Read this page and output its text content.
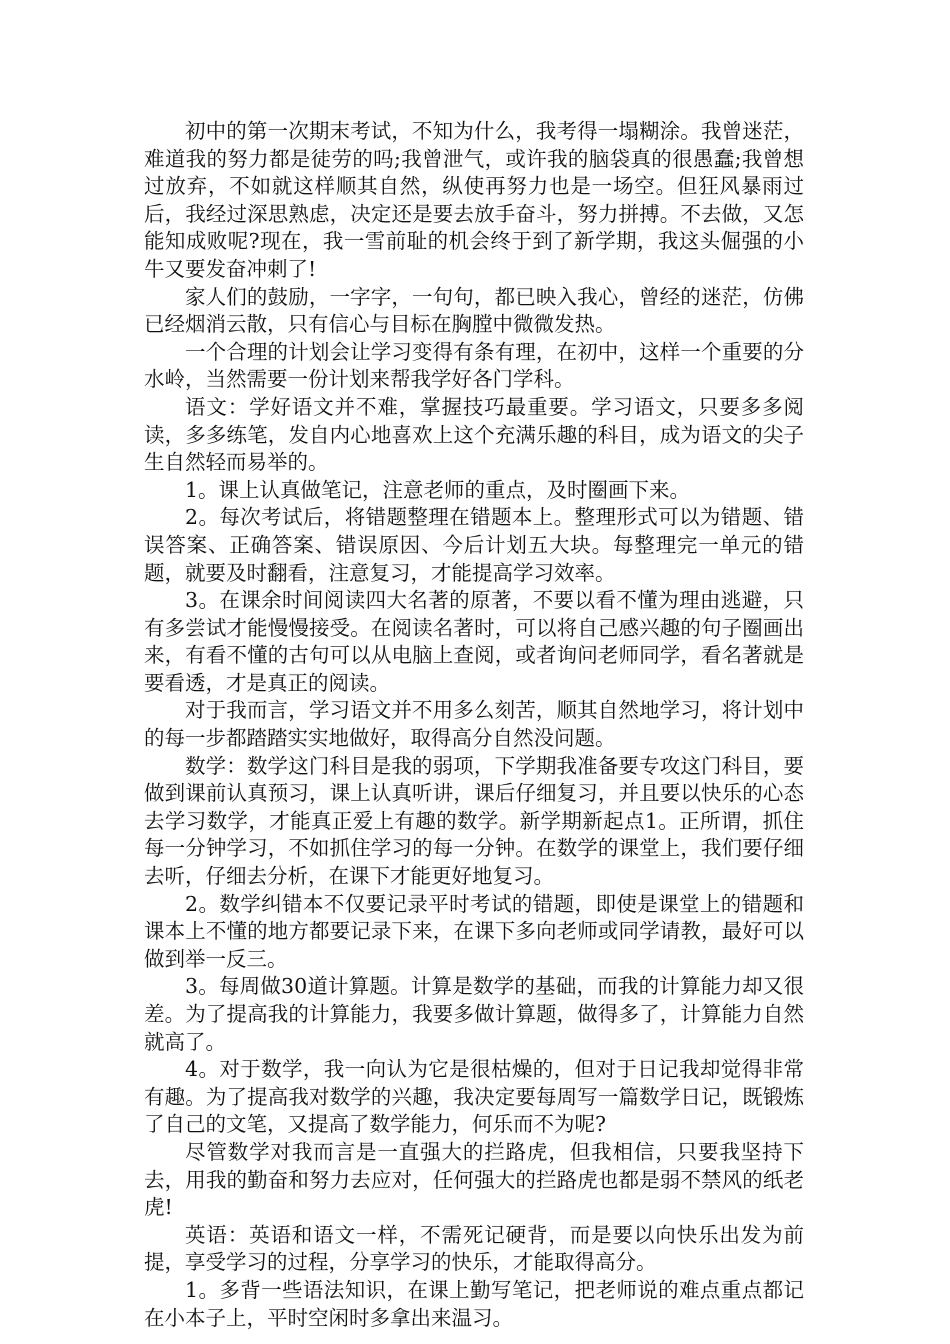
初中的第一次期末考试，不知为什么，我考得一塌糊涂。我曾迷茫，难道我的努力都是徒劳的吗;我曾泄气，或许我的脑袋真的很愚蠢;我曾想过放弃，不如就这样顺其自然，纵使再努力也是一场空。但狂风暴雨过后，我经过深思熟虑，决定还是要去放手奋斗，努力拼搏。不去做，又怎能知成败呢?现在，我一雪前耻的机会终于到了新学期，我这头倔强的小牛又要发奋冲刺了!

家人们的鼓励，一字字，一句句，都已映入我心，曾经的迷茫，仿佛已经烟消云散，只有信心与目标在胸膛中微微发热。

一个合理的计划会让学习变得有条有理，在初中，这样一个重要的分水岭，当然需要一份计划来帮我学好各门学科。

语文：学好语文并不难，掌握技巧最重要。学习语文，只要多多阅读，多多练笔，发自内心地喜欢上这个充满乐趣的科目，成为语文的尖子生自然轻而易举的。

1。课上认真做笔记，注意老师的重点，及时圈画下来。

2。每次考试后，将错题整理在错题本上。整理形式可以为错题、错误答案、正确答案、错误原因、今后计划五大块。每整理完一单元的错题，就要及时翻看，注意复习，才能提高学习效率。

3。在课余时间阅读四大名著的原著，不要以看不懂为理由逃避，只有多尝试才能慢慢接受。在阅读名著时，可以将自己感兴趣的句子圈画出来，有看不懂的古句可以从电脑上查阅，或者询问老师同学，看名著就是要看透，才是真正的阅读。

对于我而言，学习语文并不用多么刻苦，顺其自然地学习，将计划中的每一步都踏踏实实地做好，取得高分自然没问题。

数学：数学这门科目是我的弱项，下学期我准备要专攻这门科目，要做到课前认真预习，课上认真听讲，课后仔细复习，并且要以快乐的心态去学习数学，才能真正爱上有趣的数学。新学期新起点1。正所谓，抓住每一分钟学习，不如抓住学习的每一分钟。在数学的课堂上，我们要仔细去听，仔细去分析，在课下才能更好地复习。

2。数学纠错本不仅要记录平时考试的错题，即使是课堂上的错题和课本上不懂的地方都要记录下来，在课下多向老师或同学请教，最好可以做到举一反三。

3。每周做30道计算题。计算是数学的基础，而我的计算能力却又很差。为了提高我的计算能力，我要多做计算题，做得多了，计算能力自然就高了。

4。对于数学，我一向认为它是很枯燥的，但对于日记我却觉得非常有趣。为了提高我对数学的兴趣，我决定要每周写一篇数学日记，既锻炼了自己的文笔，又提高了数学能力，何乐而不为呢?

尽管数学对我而言是一直强大的拦路虎，但我相信，只要我坚持下去，用我的勤奋和努力去应对，任何强大的拦路虎也都是弱不禁风的纸老虎!

英语：英语和语文一样，不需死记硬背，而是要以向快乐出发为前提，享受学习的过程，分享学习的快乐，才能取得高分。

1。多背一些语法知识，在课上勤写笔记，把老师说的难点重点都记在小本子上，平时空闲时多拿出来温习。
